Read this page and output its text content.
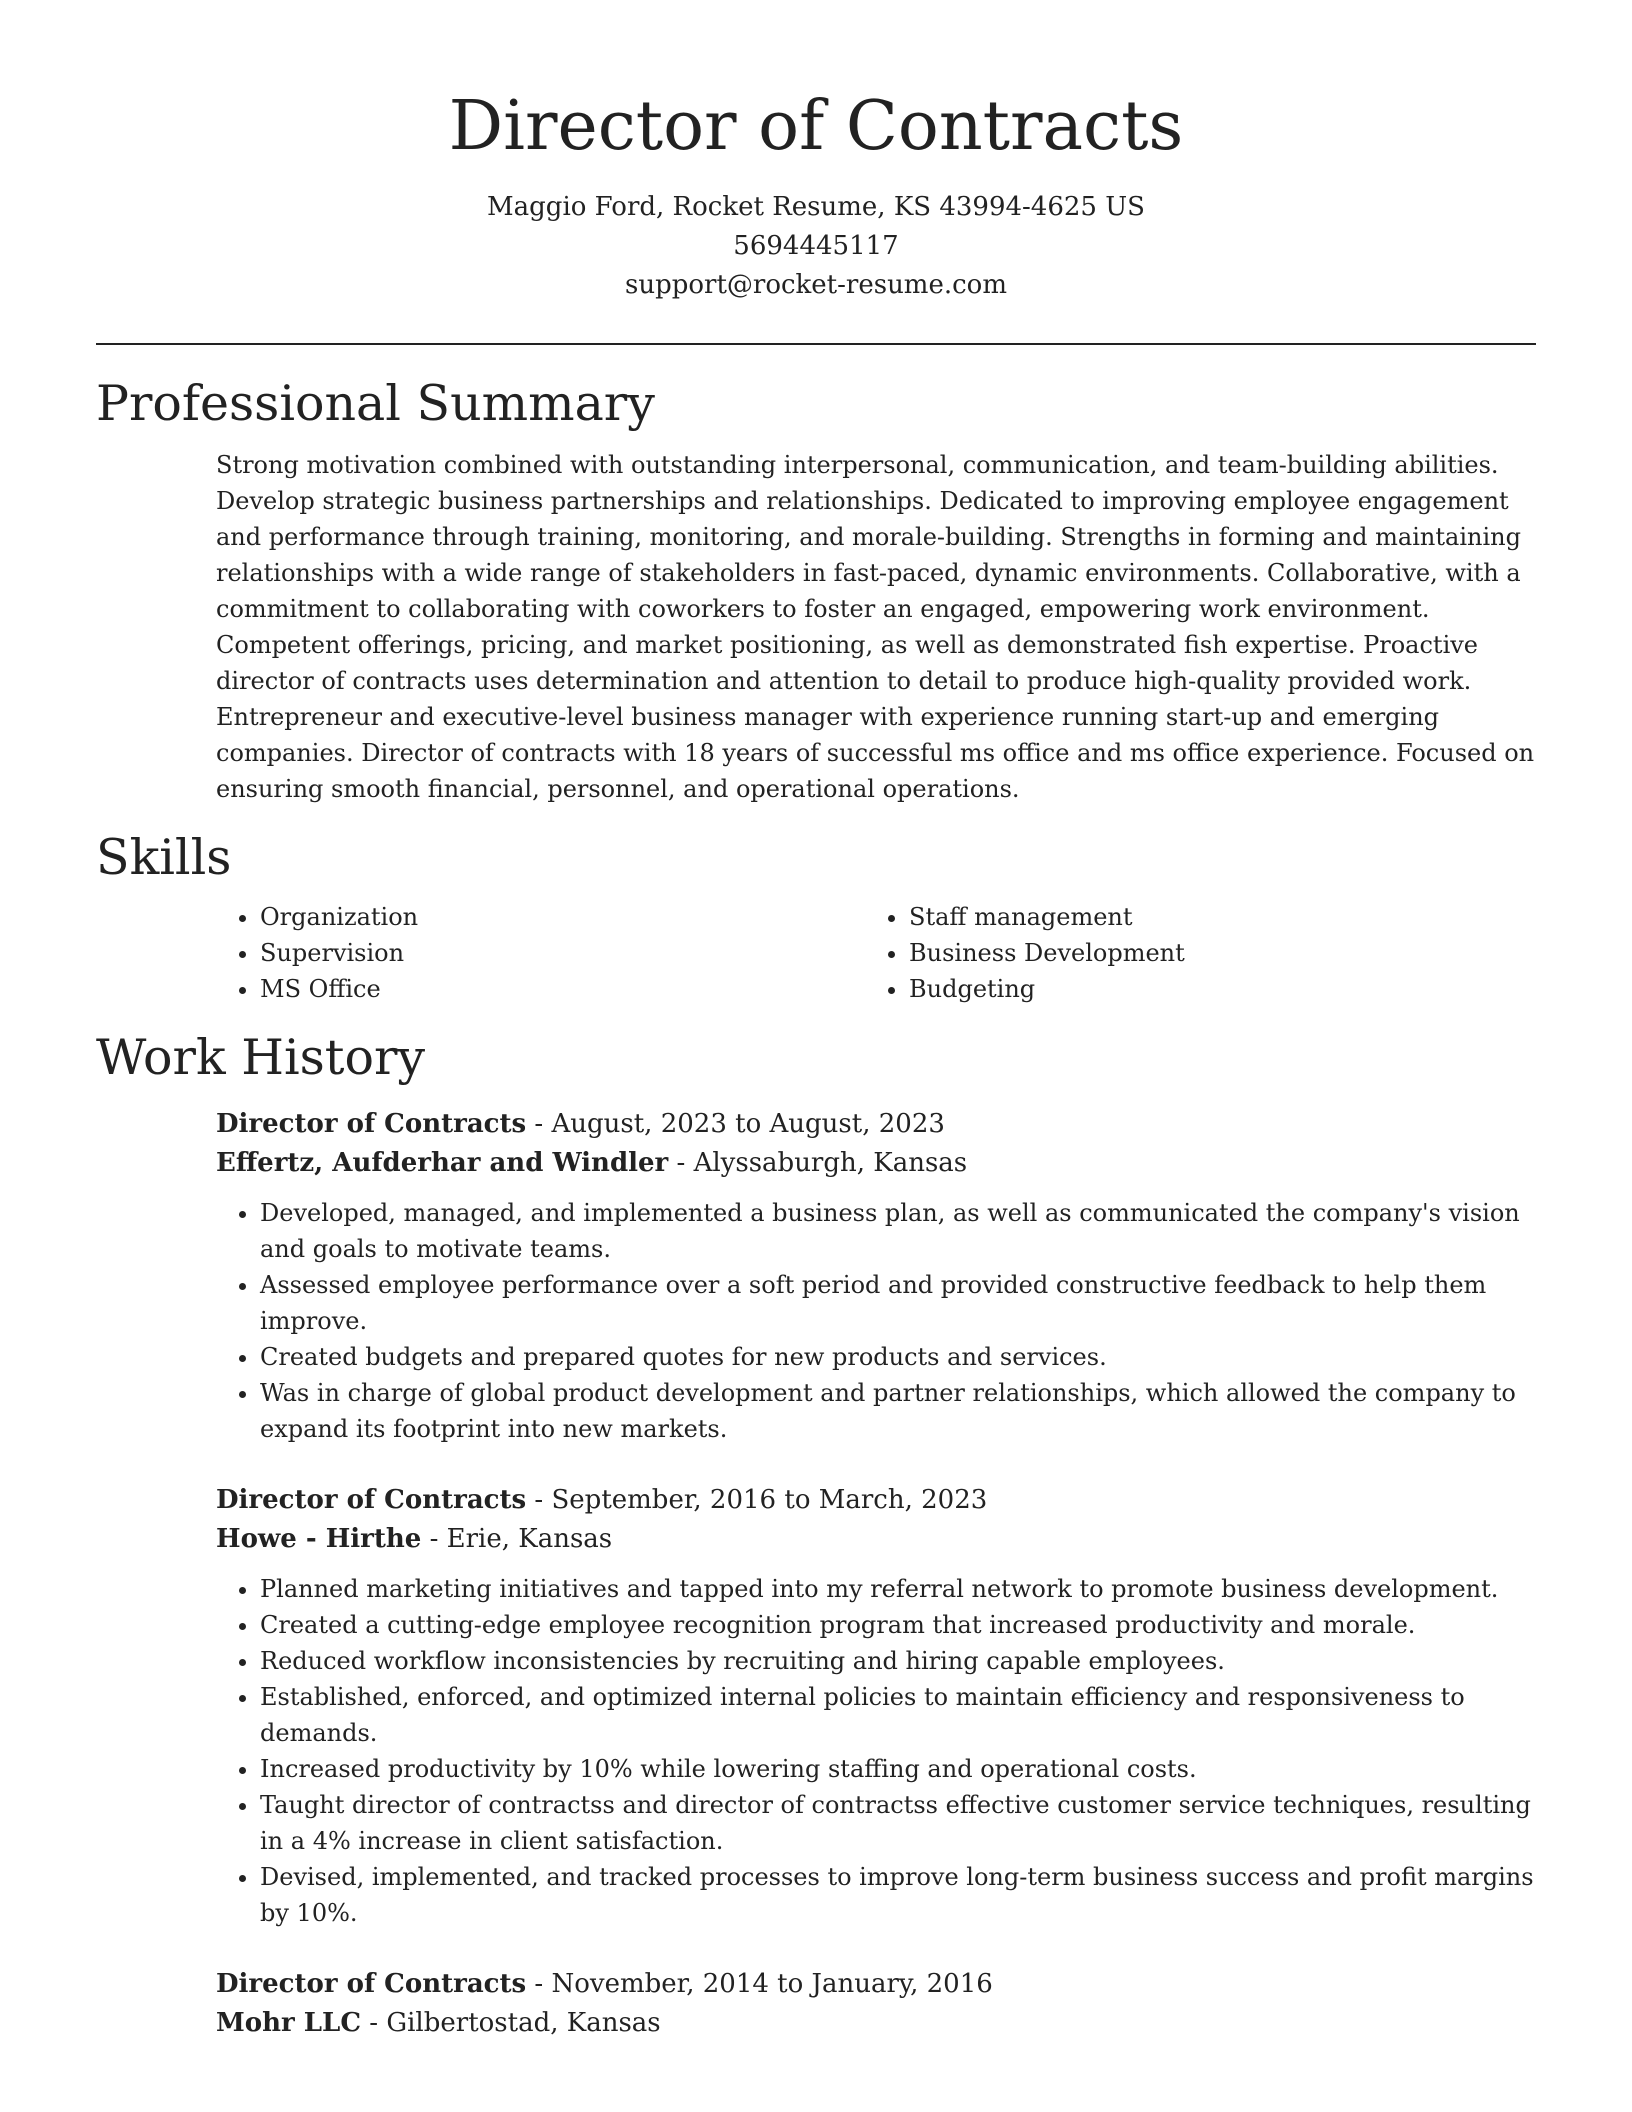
Director of Contracts
Maggio Ford, Rocket Resume, KS 43994-4625 US
5694445117
support@rocket-resume.com
Professional Summary

Strong motivation combined with outstanding interpersonal, communication, and team-building abilities. Develop strategic business partnerships and relationships. Dedicated to improving employee engagement and performance through training, monitoring, and morale-building. Strengths in forming and maintaining relationships with a wide range of stakeholders in fast-paced, dynamic environments. Collaborative, with a commitment to collaborating with coworkers to foster an engaged, empowering work environment. Competent offerings, pricing, and market positioning, as well as demonstrated fish expertise. Proactive director of contracts uses determination and attention to detail to produce high-quality provided work. Entrepreneur and executive-level business manager with experience running start-up and emerging companies. Director of contracts with 18 years of successful ms office and ms office experience. Focused on ensuring smooth financial, personnel, and operational operations.

Skills
• Organization
• Supervision
• MS Office
• Staff management
• Business Development
• Budgeting
Work History
Director of Contracts - August, 2023 to August, 2023
Effertz, Aufderhar and Windler - Alyssaburgh, Kansas
• Developed, managed, and implemented a business plan, as well as communicated the company's vision and goals to motivate teams.
• Assessed employee performance over a soft period and provided constructive feedback to help them improve.
• Created budgets and prepared quotes for new products and services.
• Was in charge of global product development and partner relationships, which allowed the company to expand its footprint into new markets.
Director of Contracts - September, 2016 to March, 2023
Howe - Hirthe - Erie, Kansas
• Planned marketing initiatives and tapped into my referral network to promote business development.
• Created a cutting-edge employee recognition program that increased productivity and morale.
• Reduced workflow inconsistencies by recruiting and hiring capable employees.
• Established, enforced, and optimized internal policies to maintain efficiency and responsiveness to demands.
• Increased productivity by 10% while lowering staffing and operational costs.
• Taught director of contractss and director of contractss effective customer service techniques, resulting in a 4% increase in client satisfaction.
• Devised, implemented, and tracked processes to improve long-term business success and profit margins by 10%.
Director of Contracts - November, 2014 to January, 2016
Mohr LLC - Gilbertostad, Kansas
